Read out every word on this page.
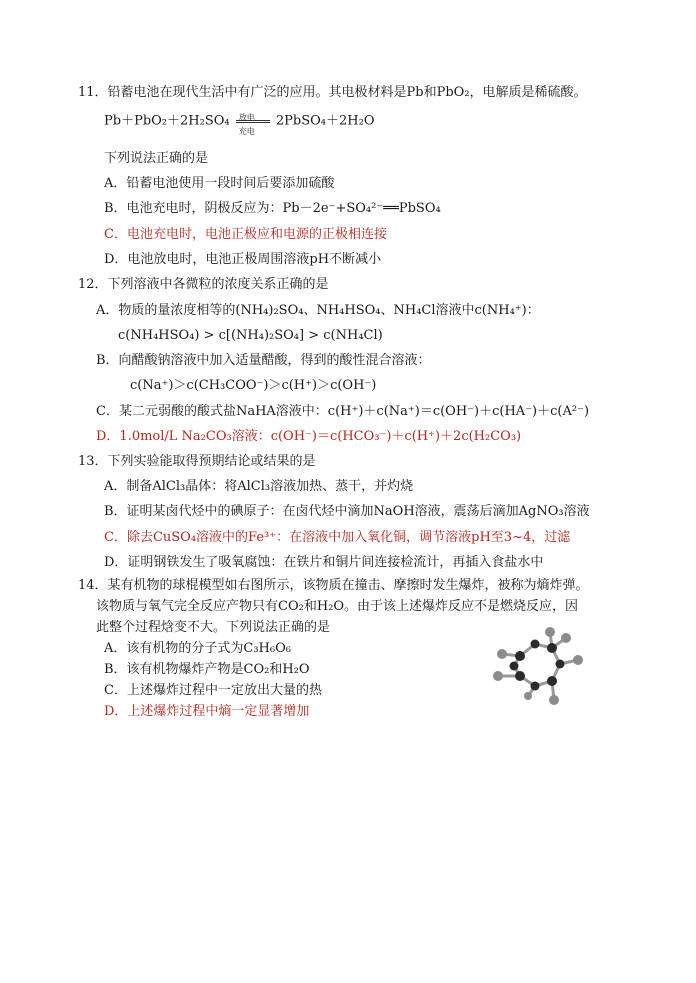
11．铅蓄电池在现代生活中有广泛的应用。其电极材料是Pb和PbO₂，电解质是稀硫酸。
Pb＋PbO₂＋2H₂SO₄ 放电
充电
2PbSO₄＋2H₂O
下列说法正确的是
A．铅蓄电池使用一段时间后要添加硫酸
B．电池充电时，阴极反应为：Pb－2e⁻+SO₄²⁻══PbSO₄
C．电池充电时，电池正极应和电源的正极相连接
D．电池放电时，电池正极周围溶液pH不断减小
12．下列溶液中各微粒的浓度关系正确的是
A．物质的量浓度相等的(NH₄)₂SO₄、NH₄HSO₄、NH₄Cl溶液中c(NH₄⁺)：
c(NH₄HSO₄) > c[(NH₄)₂SO₄] > c(NH₄Cl)
B．向醋酸钠溶液中加入适量醋酸，得到的酸性混合溶液：
c(Na⁺)＞c(CH₃COO⁻)＞c(H⁺)＞c(OH⁻)
C．某二元弱酸的酸式盐NaHA溶液中：c(H⁺)＋c(Na⁺)＝c(OH⁻)＋c(HA⁻)＋c(A²⁻)
D．1.0mol/L Na₂CO₃溶液：c(OH⁻)＝c(HCO₃⁻)＋c(H⁺)＋2c(H₂CO₃)
13．下列实验能取得预期结论或结果的是
A．制备AlCl₃晶体：将AlCl₃溶液加热、蒸干，并灼烧
B．证明某卤代烃中的碘原子：在卤代烃中滴加NaOH溶液，震荡后滴加AgNO₃溶液
C．除去CuSO₄溶液中的Fe³⁺：在溶液中加入氧化铜，调节溶液pH至3~4，过滤
D．证明钢铁发生了吸氧腐蚀：在铁片和铜片间连接检流计，再插入食盐水中
14．某有机物的球棍模型如右图所示，该物质在撞击、摩擦时发生爆炸，被称为熵炸弹。
该物质与氧气完全反应产物只有CO₂和H₂O。由于该上述爆炸反应不是燃烧反应，因
此整个过程焓变不大。下列说法正确的是
A．该有机物的分子式为C₃H₆O₆
B．该有机物爆炸产物是CO₂和H₂O
C．上述爆炸过程中一定放出大量的热
D．上述爆炸过程中熵一定显著增加
